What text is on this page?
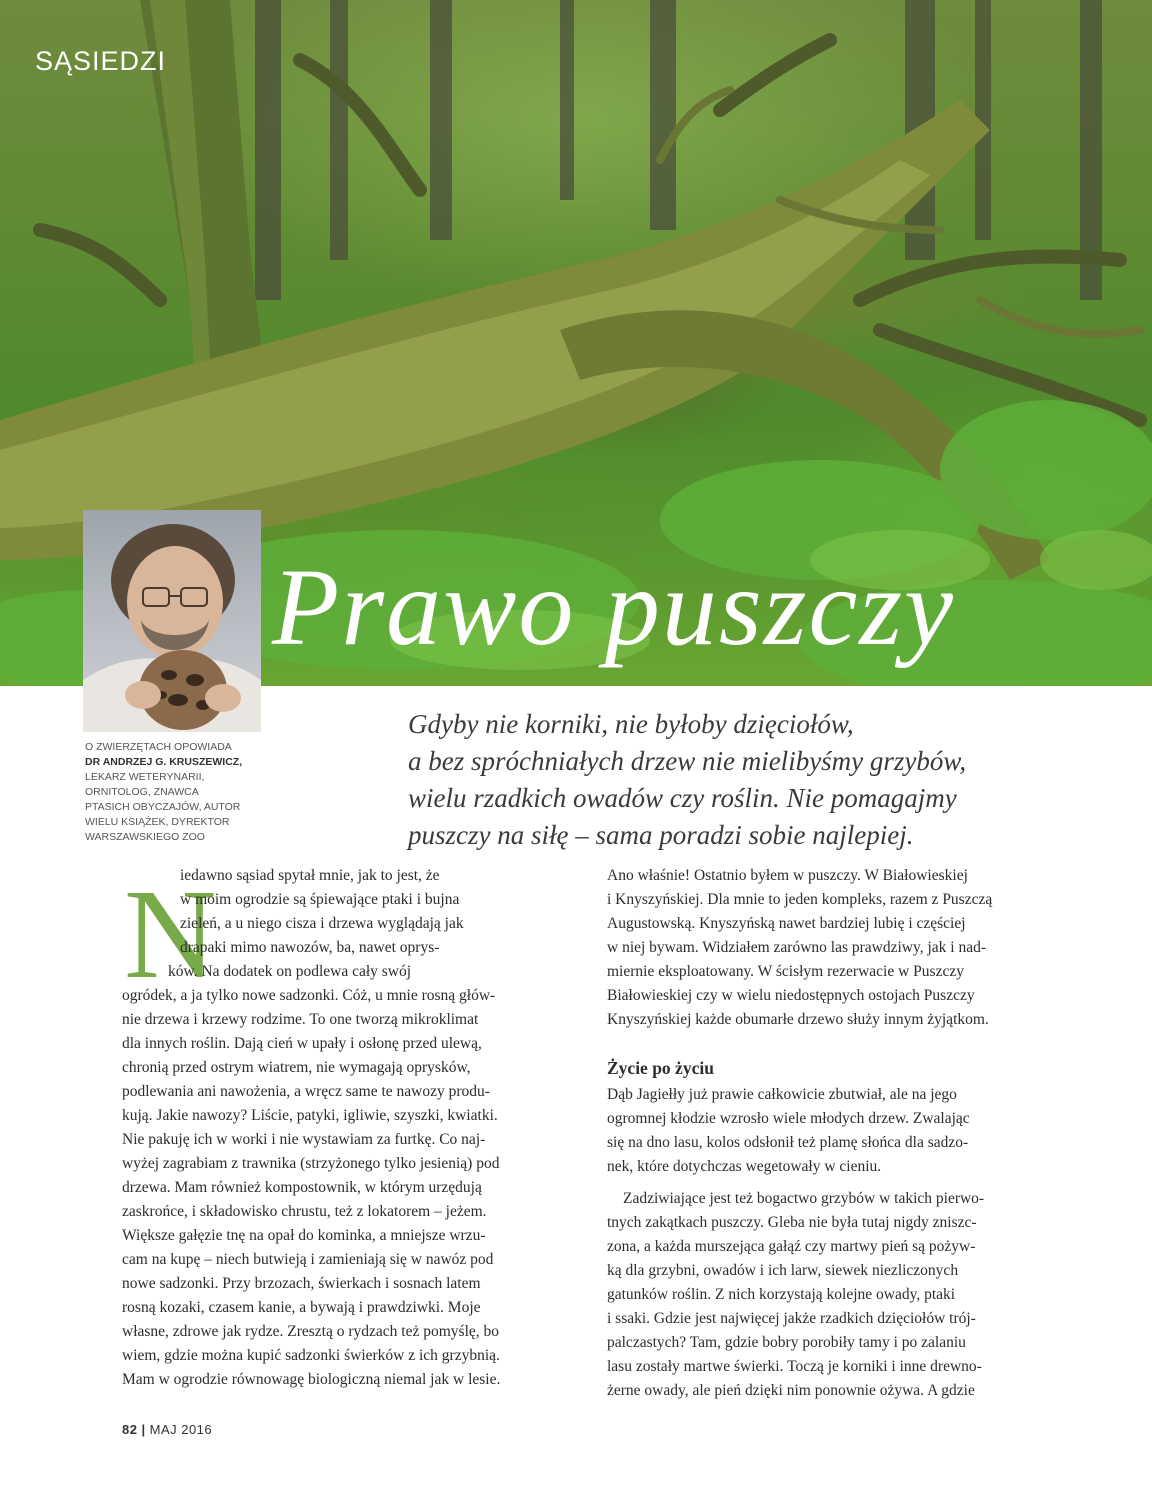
SĄSIEDZI
Prawo puszczy
O ZWIERZĘTACH OPOWIADA
DR ANDRZEJ G. KRUSZEWICZ,
LEKARZ WETERYNARII,
ORNITOLOG, ZNAWCA
PTASICH OBYCZAJÓW, AUTOR
WIELU KSIĄŻEK, DYREKTOR
WARSZAWSKIEGO ZOO
Gdyby nie korniki, nie byłoby dzięciołów,
a bez spróchniałych drzew nie mielibyśmy grzybów,
wielu rzadkich owadów czy roślin. Nie pomagajmy
puszczy na siłę – sama poradzi sobie najlepiej.
N
iedawno sąsiad spytał mnie, jak to jest, że
w moim ogrodzie są śpiewające ptaki i bujna
zieleń, a u niego cisza i drzewa wyglądają jak
drapaki mimo nawozów, ba, nawet oprys-
ków. Na dodatek on podlewa cały swój
ogródek, a ja tylko nowe sadzonki. Cóż, u mnie rosną głów-
nie drzewa i krzewy rodzime. To one tworzą mikroklimat
dla innych roślin. Dają cień w upały i osłonę przed ulewą,
chronią przed ostrym wiatrem, nie wymagają oprysków,
podlewania ani nawożenia, a wręcz same te nawozy produ-
kują. Jakie nawozy? Liście, patyki, igliwie, szyszki, kwiatki.
Nie pakuję ich w worki i nie wystawiam za furtkę. Co naj-
wyżej zagrabiam z trawnika (strzyżonego tylko jesienią) pod
drzewa. Mam również kompostownik, w którym urzędują
zaskrońce, i składowisko chrustu, też z lokatorem – jeżem.
Większe gałęzie tnę na opał do kominka, a mniejsze wrzu-
cam na kupę – niech butwieją i zamieniają się w nawóz pod
nowe sadzonki. Przy brzozach, świerkach i sosnach latem
rosną kozaki, czasem kanie, a bywają i prawdziwki. Moje
własne, zdrowe jak rydze. Zresztą o rydzach też pomyślę, bo
wiem, gdzie można kupić sadzonki świerków z ich grzybnią.
Mam w ogrodzie równowagę biologiczną niemal jak w lesie.
Ano właśnie! Ostatnio byłem w puszczy. W Białowieskiej
i Knyszyńskiej. Dla mnie to jeden kompleks, razem z Puszczą
Augustowską. Knyszyńską nawet bardziej lubię i częściej
w niej bywam. Widziałem zarówno las prawdziwy, jak i nad-
miernie eksploatowany. W ścisłym rezerwacie w Puszczy
Białowieskiej czy w wielu niedostępnych ostojach Puszczy
Knyszyńskiej każde obumarłe drzewo służy innym żyjątkom.
Życie po życiu
Dąb Jagiełły już prawie całkowicie zbutwiał, ale na jego
ogromnej kłodzie wzrosło wiele młodych drzew. Zwalając
się na dno lasu, kolos odsłonił też plamę słońca dla sadzo-
nek, które dotychczas wegetowały w cieniu.
Zadziwiające jest też bogactwo grzybów w takich pierwo-
tnych zakątkach puszczy. Gleba nie była tutaj nigdy zniszc-
zona, a każda murszejąca gałąź czy martwy pień są pożyw-
ką dla grzybni, owadów i ich larw, siewek niezliczonych
gatunków roślin. Z nich korzystają kolejne owady, ptaki
i ssaki. Gdzie jest najwięcej jakże rzadkich dzięciołów trój-
palczastych? Tam, gdzie bobry porobiły tamy i po zalaniu
lasu zostały martwe świerki. Toczą je korniki i inne drewno-
żerne owady, ale pień dzięki nim ponownie ożywa. A gdzie
82 | MAJ 2016
